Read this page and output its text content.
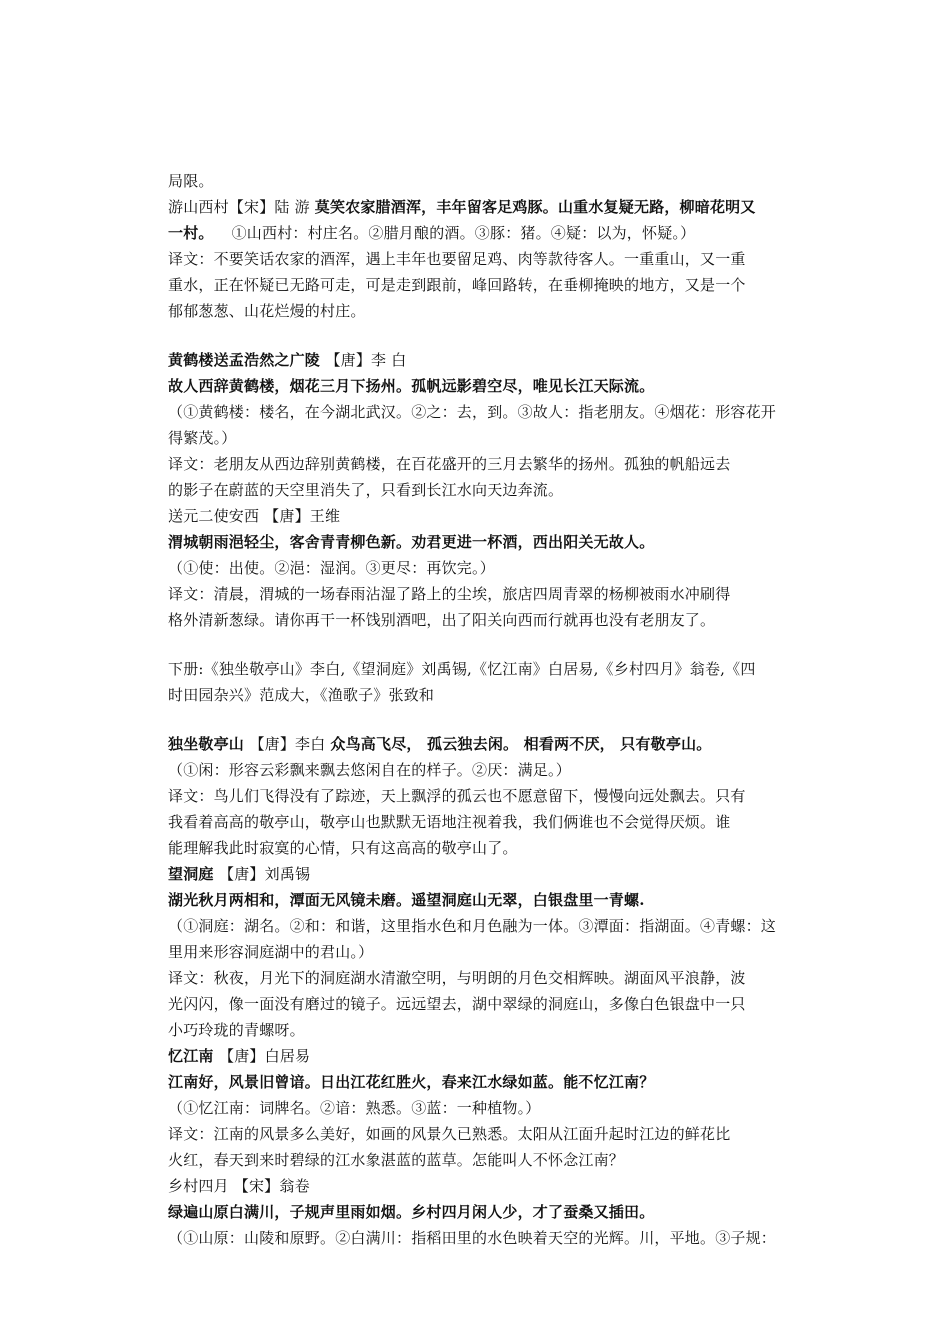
局限。
游山西村【宋】陆 游 莫笑农家腊酒浑，丰年留客足鸡豚。山重水复疑无路，柳暗花明又
一村。 ①山西村：村庄名。②腊月酿的酒。③豚：猪。④疑：以为，怀疑。）
译文：不要笑话农家的酒浑，遇上丰年也要留足鸡、肉等款待客人。一重重山，又一重
重水，正在怀疑已无路可走，可是走到跟前，峰回路转，在垂柳掩映的地方，又是一个
郁郁葱葱、山花烂熳的村庄。
黄鹤楼送孟浩然之广陵 【唐】李 白
故人西辞黄鹤楼，烟花三月下扬州。孤帆远影碧空尽，唯见长江天际流。
（①黄鹤楼：楼名，在今湖北武汉。②之：去，到。③故人：指老朋友。④烟花：形容花开
得繁茂。）
译文：老朋友从西边辞别黄鹤楼，在百花盛开的三月去繁华的扬州。孤独的帆船远去
的影子在蔚蓝的天空里消失了，只看到长江水向天边奔流。
送元二使安西 【唐】王维
渭城朝雨浥轻尘，客舍青青柳色新。劝君更进一杯酒，西出阳关无故人。
（①使：出使。②浥：湿润。③更尽：再饮完。）
译文：清晨，渭城的一场春雨沾湿了路上的尘埃，旅店四周青翠的杨柳被雨水冲刷得
格外清新葱绿。请你再干一杯饯别酒吧，出了阳关向西而行就再也没有老朋友了。
下册:《独坐敬亭山》李白,《望洞庭》刘禹锡,《忆江南》白居易,《乡村四月》翁卷,《四
时田园杂兴》范成大，《渔歌子》张致和
独坐敬亭山 【唐】李白 众鸟高飞尽， 孤云独去闲。 相看两不厌， 只有敬亭山。
（①闲：形容云彩飘来飘去悠闲自在的样子。②厌：满足。）
译文：鸟儿们飞得没有了踪迹，天上飘浮的孤云也不愿意留下，慢慢向远处飘去。只有
我看着高高的敬亭山，敬亭山也默默无语地注视着我，我们俩谁也不会觉得厌烦。谁
能理解我此时寂寞的心情，只有这高高的敬亭山了。
望洞庭 【唐】刘禹锡
湖光秋月两相和，潭面无风镜未磨。遥望洞庭山无翠，白银盘里一青螺.
（①洞庭：湖名。②和：和谐，这里指水色和月色融为一体。③潭面：指湖面。④青螺：这
里用来形容洞庭湖中的君山。）
译文：秋夜，月光下的洞庭湖水清澈空明，与明朗的月色交相辉映。湖面风平浪静，波
光闪闪，像一面没有磨过的镜子。远远望去，湖中翠绿的洞庭山，多像白色银盘中一只
小巧玲珑的青螺呀。
忆江南 【唐】白居易
江南好，风景旧曾谙。日出江花红胜火，春来江水绿如蓝。能不忆江南？
（①忆江南：词牌名。②谙：熟悉。③蓝：一种植物。）
译文：江南的风景多么美好，如画的风景久已熟悉。太阳从江面升起时江边的鲜花比
火红，春天到来时碧绿的江水象湛蓝的蓝草。怎能叫人不怀念江南？
乡村四月 【宋】翁卷
绿遍山原白满川，子规声里雨如烟。乡村四月闲人少，才了蚕桑又插田。
（①山原：山陵和原野。②白满川：指稻田里的水色映着天空的光辉。川，平地。③子规：
